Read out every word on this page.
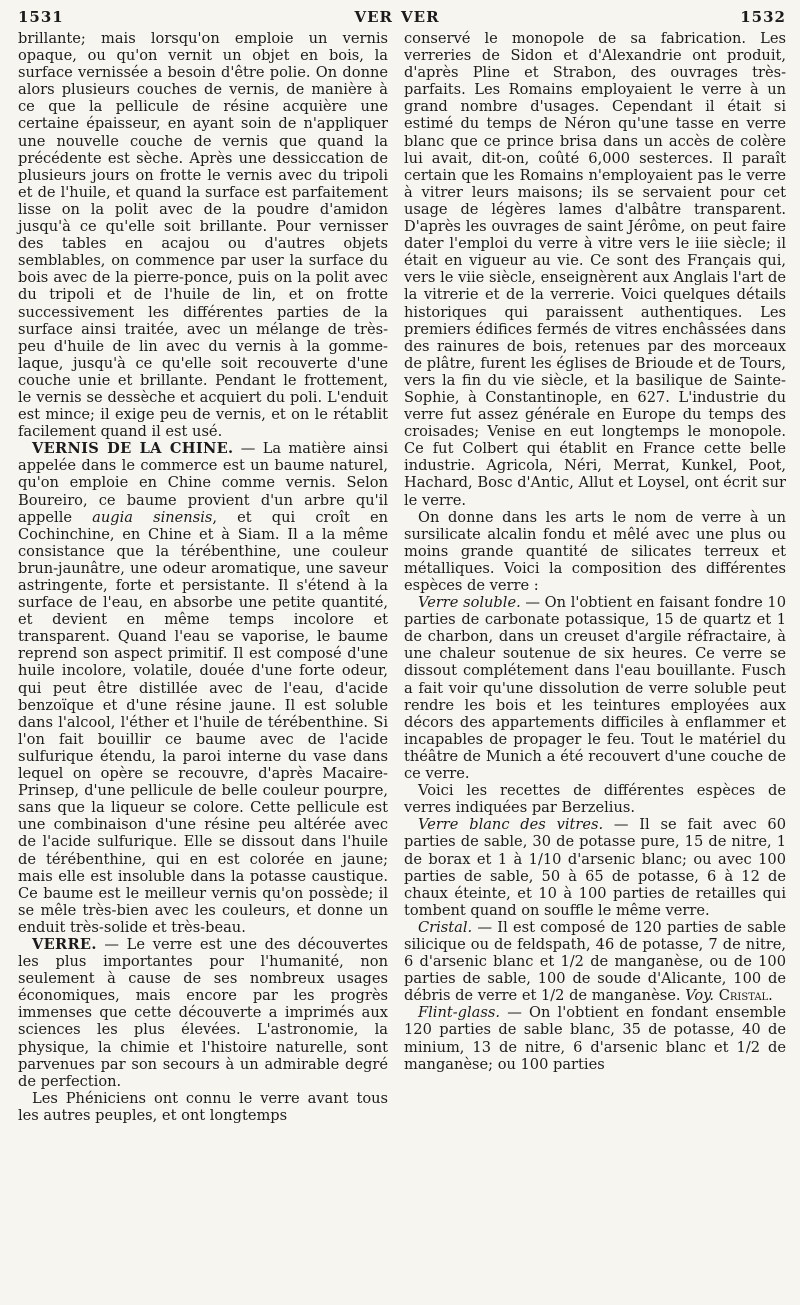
1531	VER VER	1532

brillante; mais lorsqu'on emploie un vernis opaque, ou qu'on vernit un objet en bois, la surface vernissée a besoin d'être polie. On donne alors plusieurs couches de vernis, de manière à ce que la pellicule de résine acquière une certaine épaisseur, en ayant soin de n'appliquer une nouvelle couche de vernis que quand la précédente est sèche. Après une dessiccation de plusieurs jours on frotte le vernis avec du tripoli et de l'huile, et quand la surface est parfaitement lisse on la polit avec de la poudre d'amidon jusqu'à ce qu'elle soit brillante. Pour vernisser des tables en acajou ou d'autres objets semblables, on commence par user la surface du bois avec de la pierre-ponce, puis on la polit avec du tripoli et de l'huile de lin, et on frotte successivement les différentes parties de la surface ainsi traitée, avec un mélange de très-peu d'huile de lin avec du vernis à la gomme-laque, jusqu'à ce qu'elle soit recouverte d'une couche unie et brillante. Pendant le frottement, le vernis se dessèche et acquiert du poli. L'enduit est mince; il exige peu de vernis, et on le rétablit facilement quand il est usé.

VERNIS DE LA CHINE. — La matière ainsi appelée dans le commerce est un baume naturel, qu'on emploie en Chine comme vernis. Selon Boureiro, ce baume provient d'un arbre qu'il appelle augia sinensis, et qui croît en Cochinchine, en Chine et à Siam. Il a la même consistance que la térébenthine, une couleur brun-jaunâtre, une odeur aromatique, une saveur astringente, forte et persistante. Il s'étend à la surface de l'eau, en absorbe une petite quantité, et devient en même temps incolore et transparent. Quand l'eau se vaporise, le baume reprend son aspect primitif. Il est composé d'une huile incolore, volatile, douée d'une forte odeur, qui peut être distillée avec de l'eau, d'acide benzoïque et d'une résine jaune. Il est soluble dans l'alcool, l'éther et l'huile de térébenthine. Si l'on fait bouillir ce baume avec de l'acide sulfurique étendu, la paroi interne du vase dans lequel on opère se recouvre, d'après Macaire-Prinsep, d'une pellicule de belle couleur pourpre, sans que la liqueur se colore. Cette pellicule est une combinaison d'une résine peu altérée avec de l'acide sulfurique. Elle se dissout dans l'huile de térébenthine, qui en est colorée en jaune; mais elle est insoluble dans la potasse caustique. Ce baume est le meilleur vernis qu'on possède; il se mêle très-bien avec les couleurs, et donne un enduit très-solide et très-beau.

VERRE. — Le verre est une des découvertes les plus importantes pour l'humanité, non seulement à cause de ses nombreux usages économiques, mais encore par les progrès immenses que cette découverte a imprimés aux sciences les plus élevées. L'astronomie, la physique, la chimie et l'histoire naturelle, sont parvenues par son secours à un admirable degré de perfection.

Les Phéniciens ont connu le verre avant tous les autres peuples, et ont longtemps

conservé le monopole de sa fabrication. Les verreries de Sidon et d'Alexandrie ont produit, d'après Pline et Strabon, des ouvrages très-parfaits. Les Romains employaient le verre à un grand nombre d'usages. Cependant il était si estimé du temps de Néron qu'une tasse en verre blanc que ce prince brisa dans un accès de colère lui avait, dit-on, coûté 6,000 sesterces. Il paraît certain que les Romains n'employaient pas le verre à vitrer leurs maisons; ils se servaient pour cet usage de légères lames d'albâtre transparent. D'après les ouvrages de saint Jérôme, on peut faire dater l'emploi du verre à vitre vers le iiie siècle; il était en vigueur au vie. Ce sont des Français qui, vers le viie siècle, enseignèrent aux Anglais l'art de la vitrerie et de la verrerie. Voici quelques détails historiques qui paraissent authentiques. Les premiers édifices fermés de vitres enchâssées dans des rainures de bois, retenues par des morceaux de plâtre, furent les églises de Brioude et de Tours, vers la fin du vie siècle, et la basilique de Sainte-Sophie, à Constantinople, en 627. L'industrie du verre fut assez générale en Europe du temps des croisades; Venise en eut longtemps le monopole. Ce fut Colbert qui établit en France cette belle industrie. Agricola, Néri, Merrat, Kunkel, Poot, Hachard, Bosc d'Antic, Allut et Loysel, ont écrit sur le verre.

On donne dans les arts le nom de verre à un sursilicate alcalin fondu et mêlé avec une plus ou moins grande quantité de silicates terreux et métalliques. Voici la composition des différentes espèces de verre :

Verre soluble. — On l'obtient en faisant fondre 10 parties de carbonate potassique, 15 de quartz et 1 de charbon, dans un creuset d'argile réfractaire, à une chaleur soutenue de six heures. Ce verre se dissout complétement dans l'eau bouillante. Fusch a fait voir qu'une dissolution de verre soluble peut rendre les bois et les teintures employées aux décors des appartements difficiles à enflammer et incapables de propager le feu. Tout le matériel du théâtre de Munich a été recouvert d'une couche de ce verre.

Voici les recettes de différentes espèces de verres indiquées par Berzelius.

Verre blanc des vitres. — Il se fait avec 60 parties de sable, 30 de potasse pure, 15 de nitre, 1 de borax et 1 à 1/10 d'arsenic blanc; ou avec 100 parties de sable, 50 à 65 de potasse, 6 à 12 de chaux éteinte, et 10 à 100 parties de retailles qui tombent quand on souffle le même verre.

Cristal. — Il est composé de 120 parties de sable silicique ou de feldspath, 46 de potasse, 7 de nitre, 6 d'arsenic blanc et 1/2 de manganèse, ou de 100 parties de sable, 100 de soude d'Alicante, 100 de débris de verre et 1/2 de manganèse. Voy. Cristal.

Flint-glass. — On l'obtient en fondant ensemble 120 parties de sable blanc, 35 de potasse, 40 de minium, 13 de nitre, 6 d'arsenic blanc et 1/2 de manganèse; ou 100 parties
